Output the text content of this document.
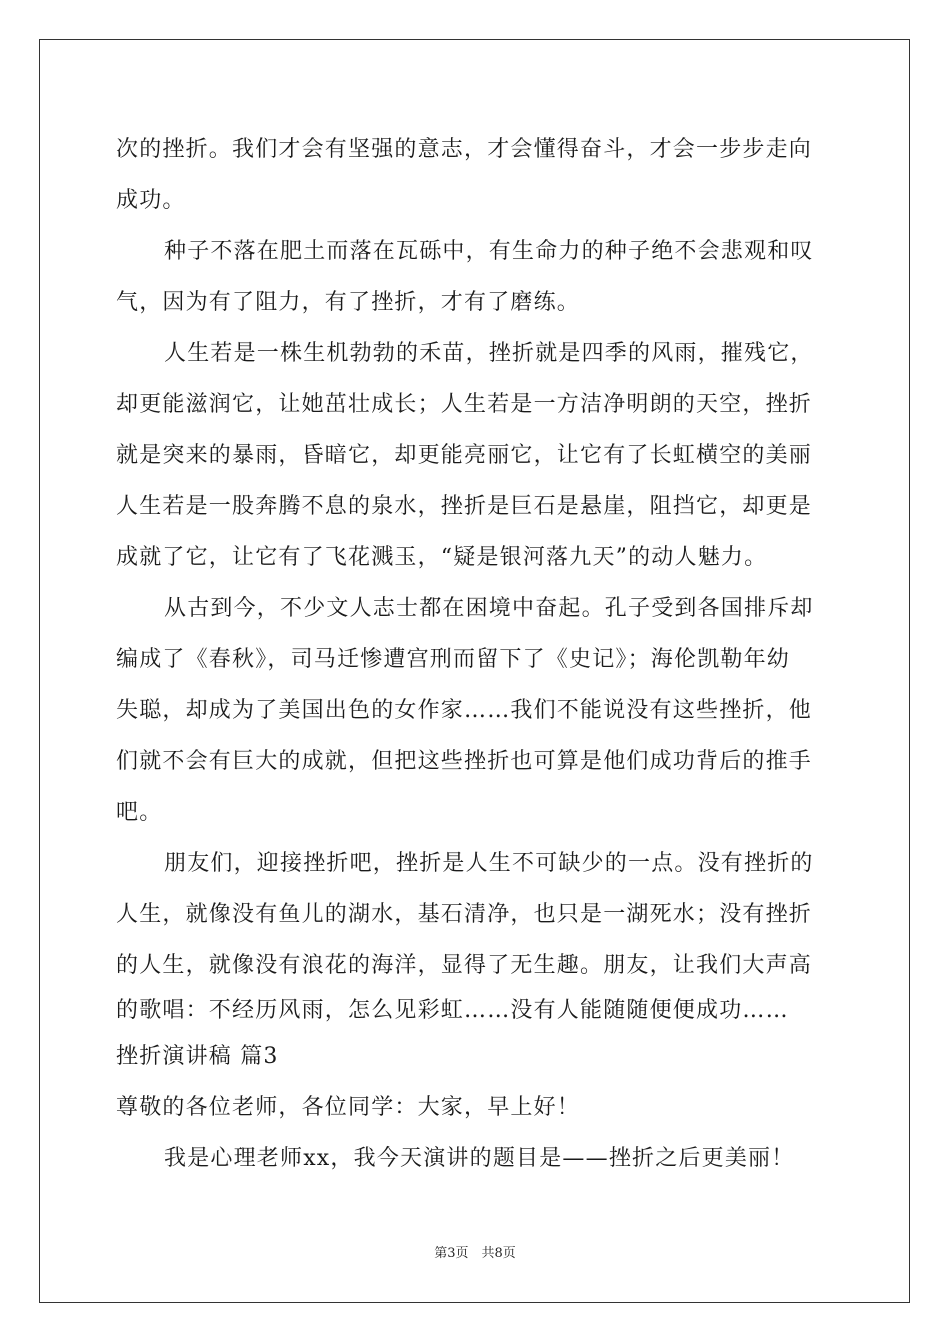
次的挫折。我们才会有坚强的意志，才会懂得奋斗，才会一步步走向
成功。
种子不落在肥土而落在瓦砾中，有生命力的种子绝不会悲观和叹
气，因为有了阻力，有了挫折，才有了磨练。
人生若是一株生机勃勃的禾苗，挫折就是四季的风雨，摧残它，
却更能滋润它，让她茁壮成长；人生若是一方洁净明朗的天空，挫折
就是突来的暴雨，昏暗它，却更能亮丽它，让它有了长虹横空的美丽
人生若是一股奔腾不息的泉水，挫折是巨石是悬崖，阻挡它，却更是
成就了它，让它有了飞花溅玉，“疑是银河落九天”的动人魅力。
从古到今，不少文人志士都在困境中奋起。孔子受到各国排斥却
编成了《春秋》，司马迁惨遭宫刑而留下了《史记》；海伦凯勒年幼
失聪，却成为了美国出色的女作家……我们不能说没有这些挫折，他
们就不会有巨大的成就，但把这些挫折也可算是他们成功背后的推手
吧。
朋友们，迎接挫折吧，挫折是人生不可缺少的一点。没有挫折的
人生，就像没有鱼儿的湖水，基石清净，也只是一湖死水；没有挫折
的人生，就像没有浪花的海洋，显得了无生趣。朋友，让我们大声高
的歌唱：不经历风雨，怎么见彩虹……没有人能随随便便成功……
挫折演讲稿 篇3
尊敬的各位老师，各位同学：大家，早上好！
我是心理老师xx，我今天演讲的题目是——挫折之后更美丽！
第3页　共8页
